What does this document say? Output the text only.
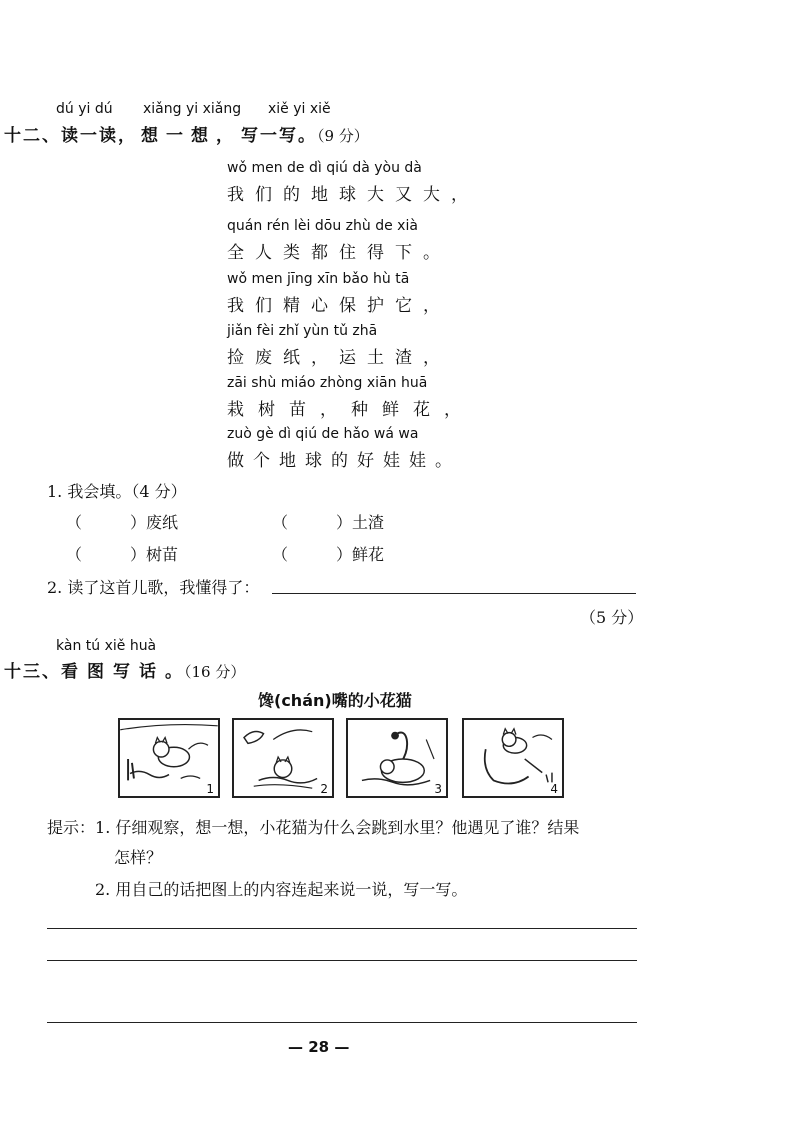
dú yi dú xiǎng yi xiǎng xiě yi xiě
十二、读一读， 想一想，写一写。（9 分）
wǒ men de dì qiú dà yòu dà
我们的地球大又大，
quán rén lèi dōu zhù de xià
全人类都住得下。
wǒ men jīng xīn bǎo hù tā
我们精心保护它，
jiǎn fèi zhǐ yùn tǔ zhā
捡废纸，运土渣，
zāi shù miáo zhòng xiān huā
栽树苗，种鲜花，
zuò gè dì qiú de hǎo wá wa
做个地球的好娃娃。
1. 我会填。（4 分）
（	）废纸	（	）土渣
（	）树苗	（	）鲜花
2. 读了这首儿歌，我懂得了：
（5 分）
kàn tú xiě huà
十三、看图写话。（16 分）
馋(chán)嘴的小花猫
1	2	3	4
提示：1. 仔细观察，想一想，小花猫为什么会跳到水里？他遇见了谁？结果
怎样？
2. 用自己的话把图上的内容连起来说一说，写一写。
— 28 —
